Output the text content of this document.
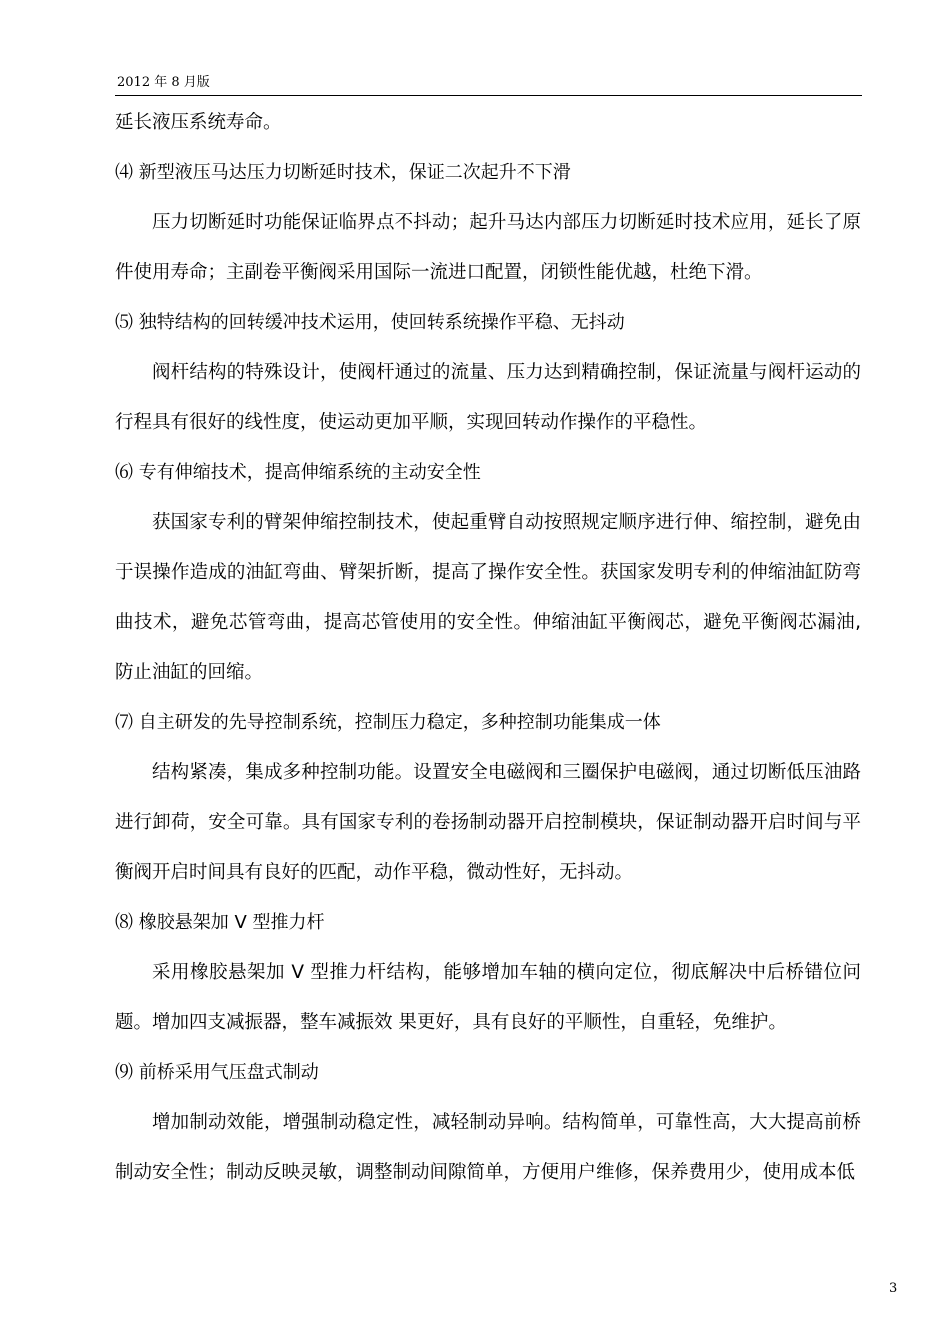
2012 年 8 月版
延长液压系统寿命。
⑷ 新型液压马达压力切断延时技术，保证二次起升不下滑
压力切断延时功能保证临界点不抖动；起升马达内部压力切断延时技术应用，延长了原件使用寿命；主副卷平衡阀采用国际一流进口配置，闭锁性能优越，杜绝下滑。
⑸ 独特结构的回转缓冲技术运用，使回转系统操作平稳、无抖动
阀杆结构的特殊设计，使阀杆通过的流量、压力达到精确控制，保证流量与阀杆运动的行程具有很好的线性度，使运动更加平顺，实现回转动作操作的平稳性。
⑹ 专有伸缩技术，提高伸缩系统的主动安全性
获国家专利的臂架伸缩控制技术，使起重臂自动按照规定顺序进行伸、缩控制，避免由于误操作造成的油缸弯曲、臂架折断，提高了操作安全性。获国家发明专利的伸缩油缸防弯曲技术，避免芯管弯曲，提高芯管使用的安全性。伸缩油缸平衡阀芯，避免平衡阀芯漏油, 防止油缸的回缩。
⑺ 自主研发的先导控制系统，控制压力稳定，多种控制功能集成一体
结构紧凑，集成多种控制功能。设置安全电磁阀和三圈保护电磁阀，通过切断低压油路进行卸荷，安全可靠。具有国家专利的卷扬制动器开启控制模块，保证制动器开启时间与平衡阀开启时间具有良好的匹配，动作平稳，微动性好，无抖动。
⑻ 橡胶悬架加 V 型推力杆
采用橡胶悬架加 V 型推力杆结构，能够增加车轴的横向定位，彻底解决中后桥错位问题。增加四支减振器，整车减振效 果更好，具有良好的平顺性，自重轻，免维护。
⑼ 前桥采用气压盘式制动
增加制动效能，增强制动稳定性，减轻制动异响。结构简单，可靠性高，大大提高前桥制动安全性；制动反映灵敏，调整制动间隙简单，方便用户维修，保养费用少，使用成本低
3
